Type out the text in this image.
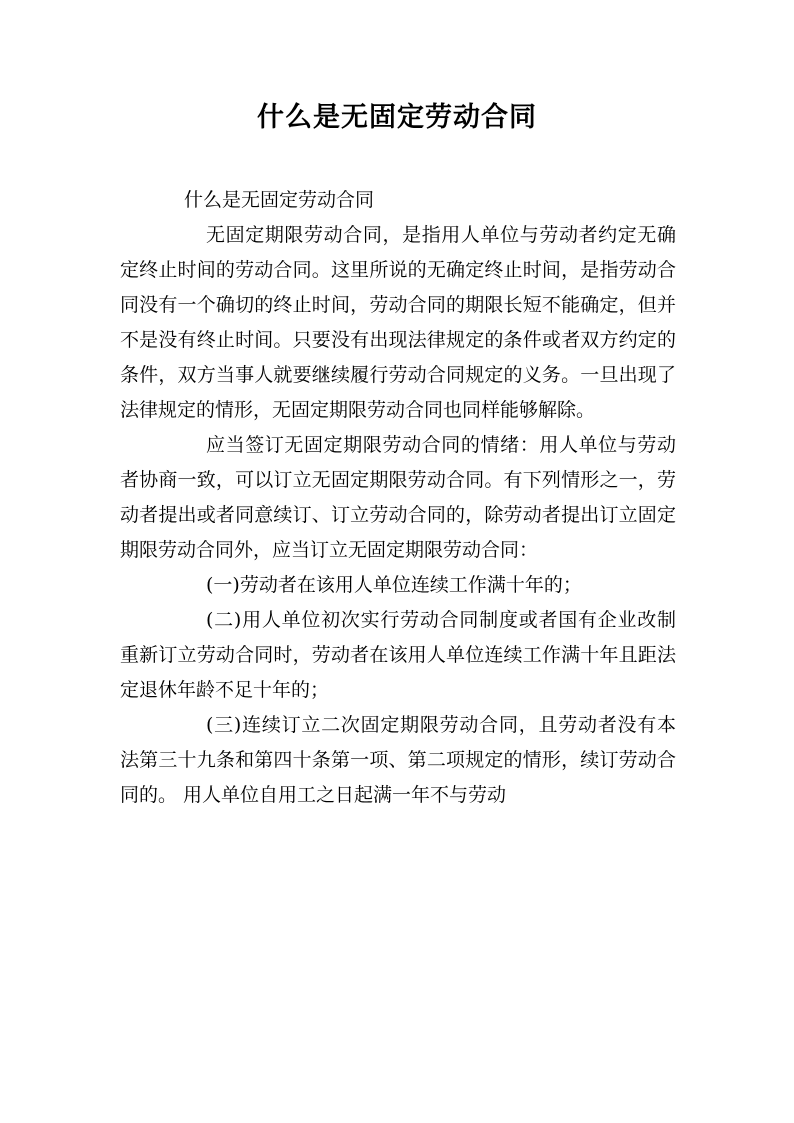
什么是无固定劳动合同

什么是无固定劳动合同

无固定期限劳动合同，是指用人单位与劳动者约定无确定终止时间的劳动合同。这里所说的无确定终止时间，是指劳动合同没有一个确切的终止时间，劳动合同的期限长短不能确定，但并不是没有终止时间。只要没有出现法律规定的条件或者双方约定的条件，双方当事人就要继续履行劳动合同规定的义务。一旦出现了法律规定的情形，无固定期限劳动合同也同样能够解除。

应当签订无固定期限劳动合同的情绪：用人单位与劳动者协商一致，可以订立无固定期限劳动合同。有下列情形之一，劳动者提出或者同意续订、订立劳动合同的，除劳动者提出订立固定期限劳动合同外，应当订立无固定期限劳动合同：

(一)劳动者在该用人单位连续工作满十年的；

(二)用人单位初次实行劳动合同制度或者国有企业改制重新订立劳动合同时，劳动者在该用人单位连续工作满十年且距法定退休年龄不足十年的；

(三)连续订立二次固定期限劳动合同，且劳动者没有本法第三十九条和第四十条第一项、第二项规定的情形，续订劳动合同的。 用人单位自用工之日起满一年不与劳动
